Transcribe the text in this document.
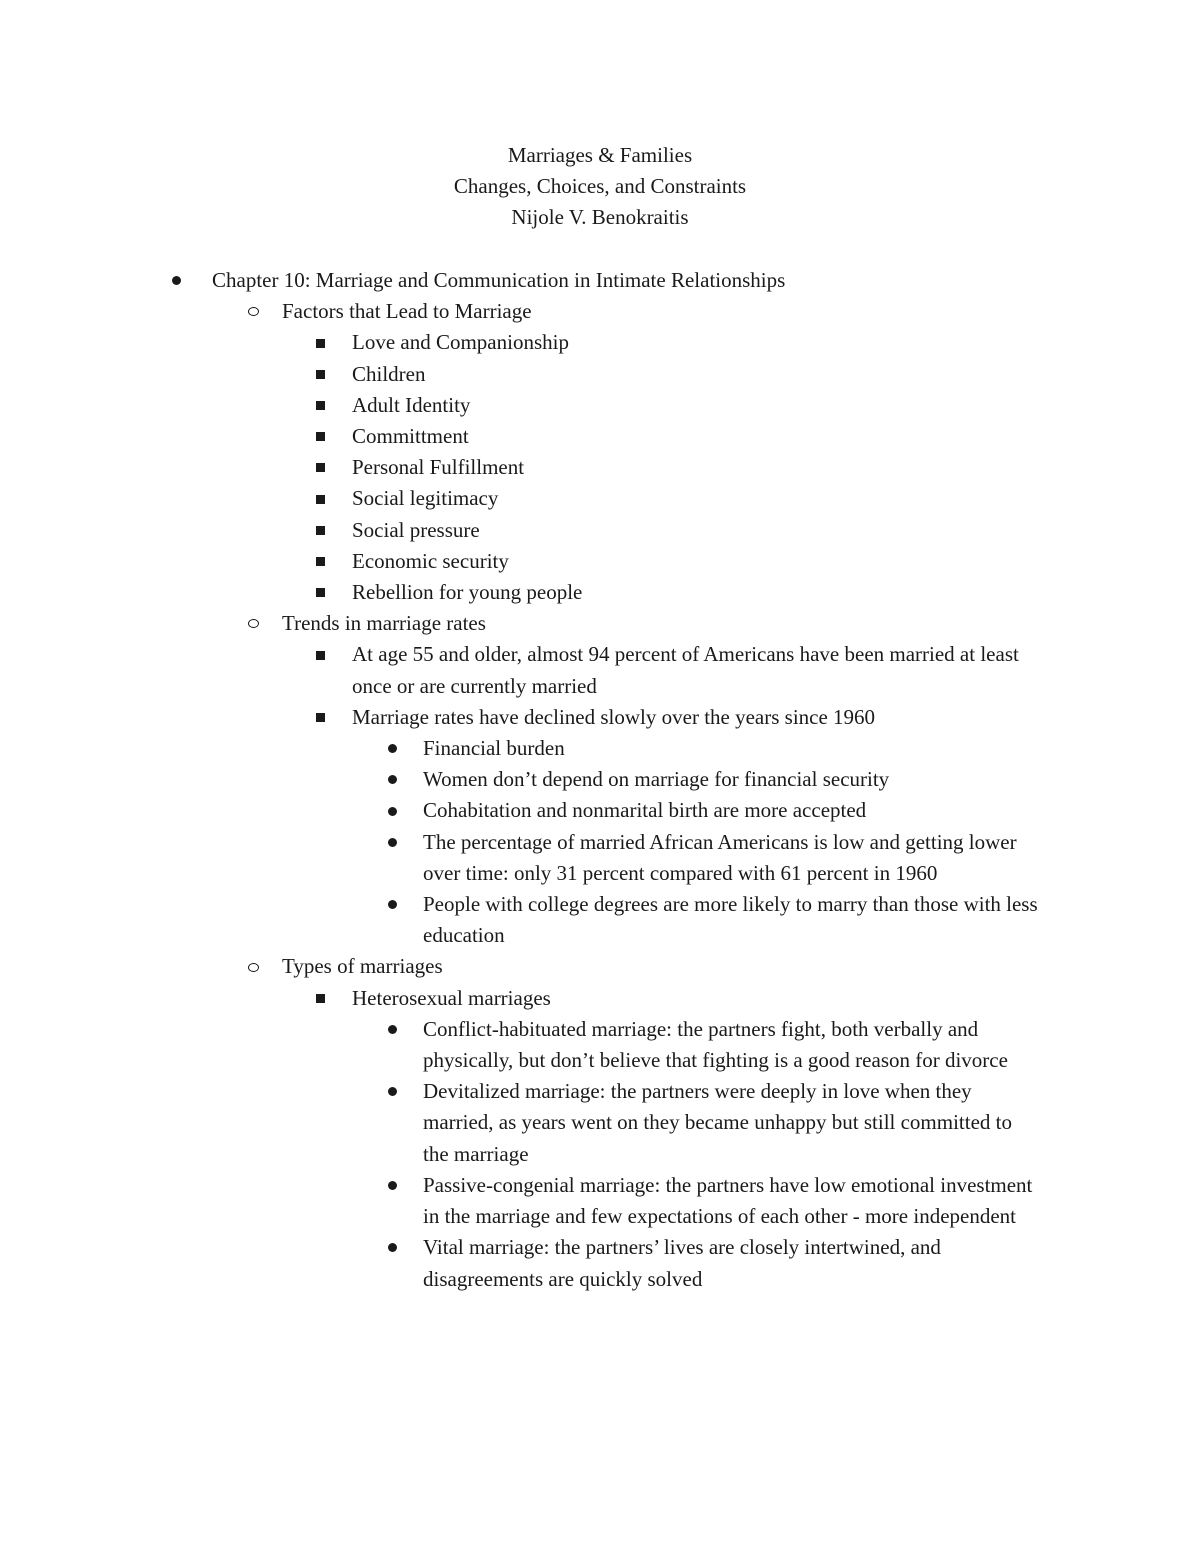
Marriages & Families
Changes, Choices, and Constraints
Nijole V. Benokraitis
Chapter 10: Marriage and Communication in Intimate Relationships
Factors that Lead to Marriage
Love and Companionship
Children
Adult Identity
Committment
Personal Fulfillment
Social legitimacy
Social pressure
Economic security
Rebellion for young people
Trends in marriage rates
At age 55 and older, almost 94 percent of Americans have been married at least once or are currently married
Marriage rates have declined slowly over the years since 1960
Financial burden
Women don’t depend on marriage for financial security
Cohabitation and nonmarital birth are more accepted
The percentage of married African Americans is low and getting lower over time: only 31 percent compared with 61 percent in 1960
People with college degrees are more likely to marry than those with less education
Types of marriages
Heterosexual marriages
Conflict-habituated marriage: the partners fight, both verbally and physically, but don’t believe that fighting is a good reason for divorce
Devitalized marriage: the partners were deeply in love when they married, as years went on they became unhappy but still committed to the marriage
Passive-congenial marriage: the partners have low emotional investment in the marriage and few expectations of each other - more independent
Vital marriage: the partners’ lives are closely intertwined, and disagreements are quickly solved
